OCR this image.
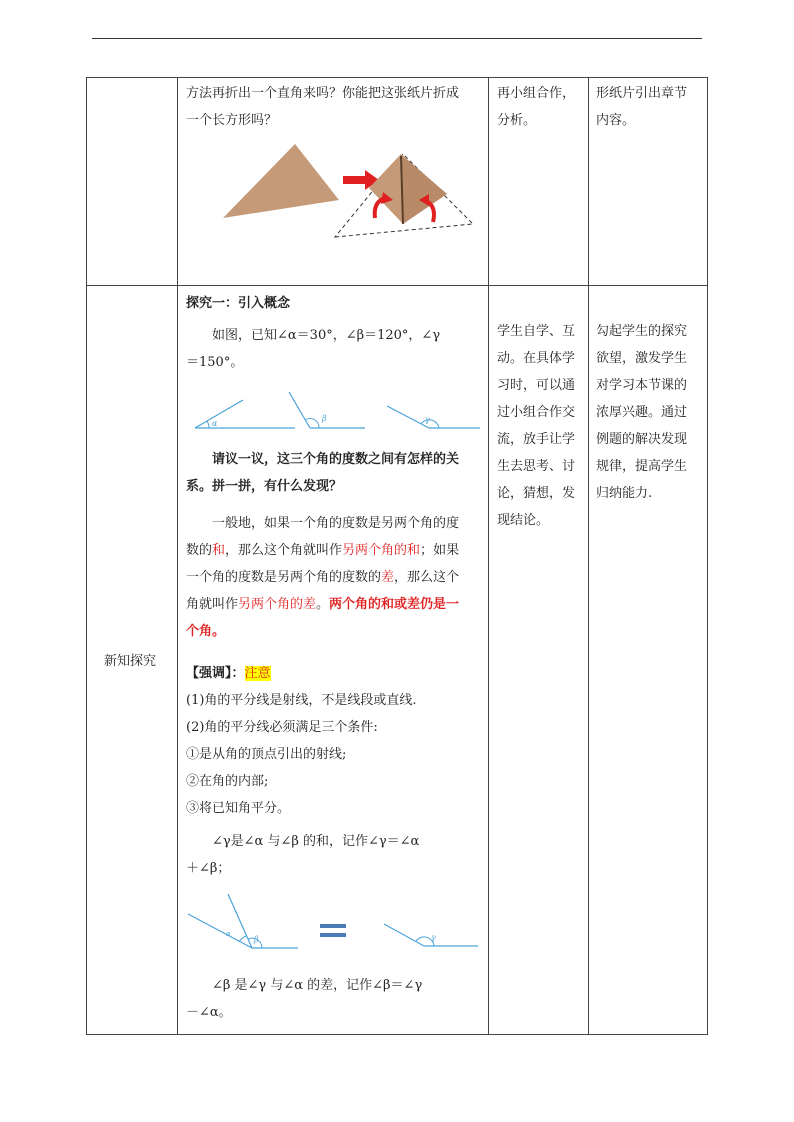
方法再折出一个直角来吗？你能把这张纸片折成
一个长方形吗？
再小组合作，
分析。
形纸片引出章节
内容。
新知探究
探究一：引入概念
如图，已知∠α＝30°，∠β＝120°，∠γ
＝150°。
α
β	γ
请议一议，这三个角的度数之间有怎样的关
系。拼一拼，有什么发现？
一般地，如果一个角的度数是另两个角的度
数的和，那么这个角就叫作另两个角的和；如果
一个角的度数是另两个角的度数的差，那么这个
角就叫作另两个角的差。两个角的和或差仍是一
个角。
【强调】：注意
(1)角的平分线是射线，不是线段或直线.
(2)角的平分线必须满足三个条件:
①是从角的顶点引出的射线;
②在角的内部;
③将已知角平分。
∠γ是∠α 与∠β 的和，记作∠γ＝∠α
＋∠β；
α
β	γ
∠β 是∠γ 与∠α 的差，记作∠β＝∠γ
－∠α。
学生自学、互
动。在具体学
习时，可以通
过小组合作交
流，放手让学
生去思考、讨
论，猜想，发
现结论。
勾起学生的探究
欲望，激发学生
对学习本节课的
浓厚兴趣。通过
例题的解决发现
规律，提高学生
归纳能力.
